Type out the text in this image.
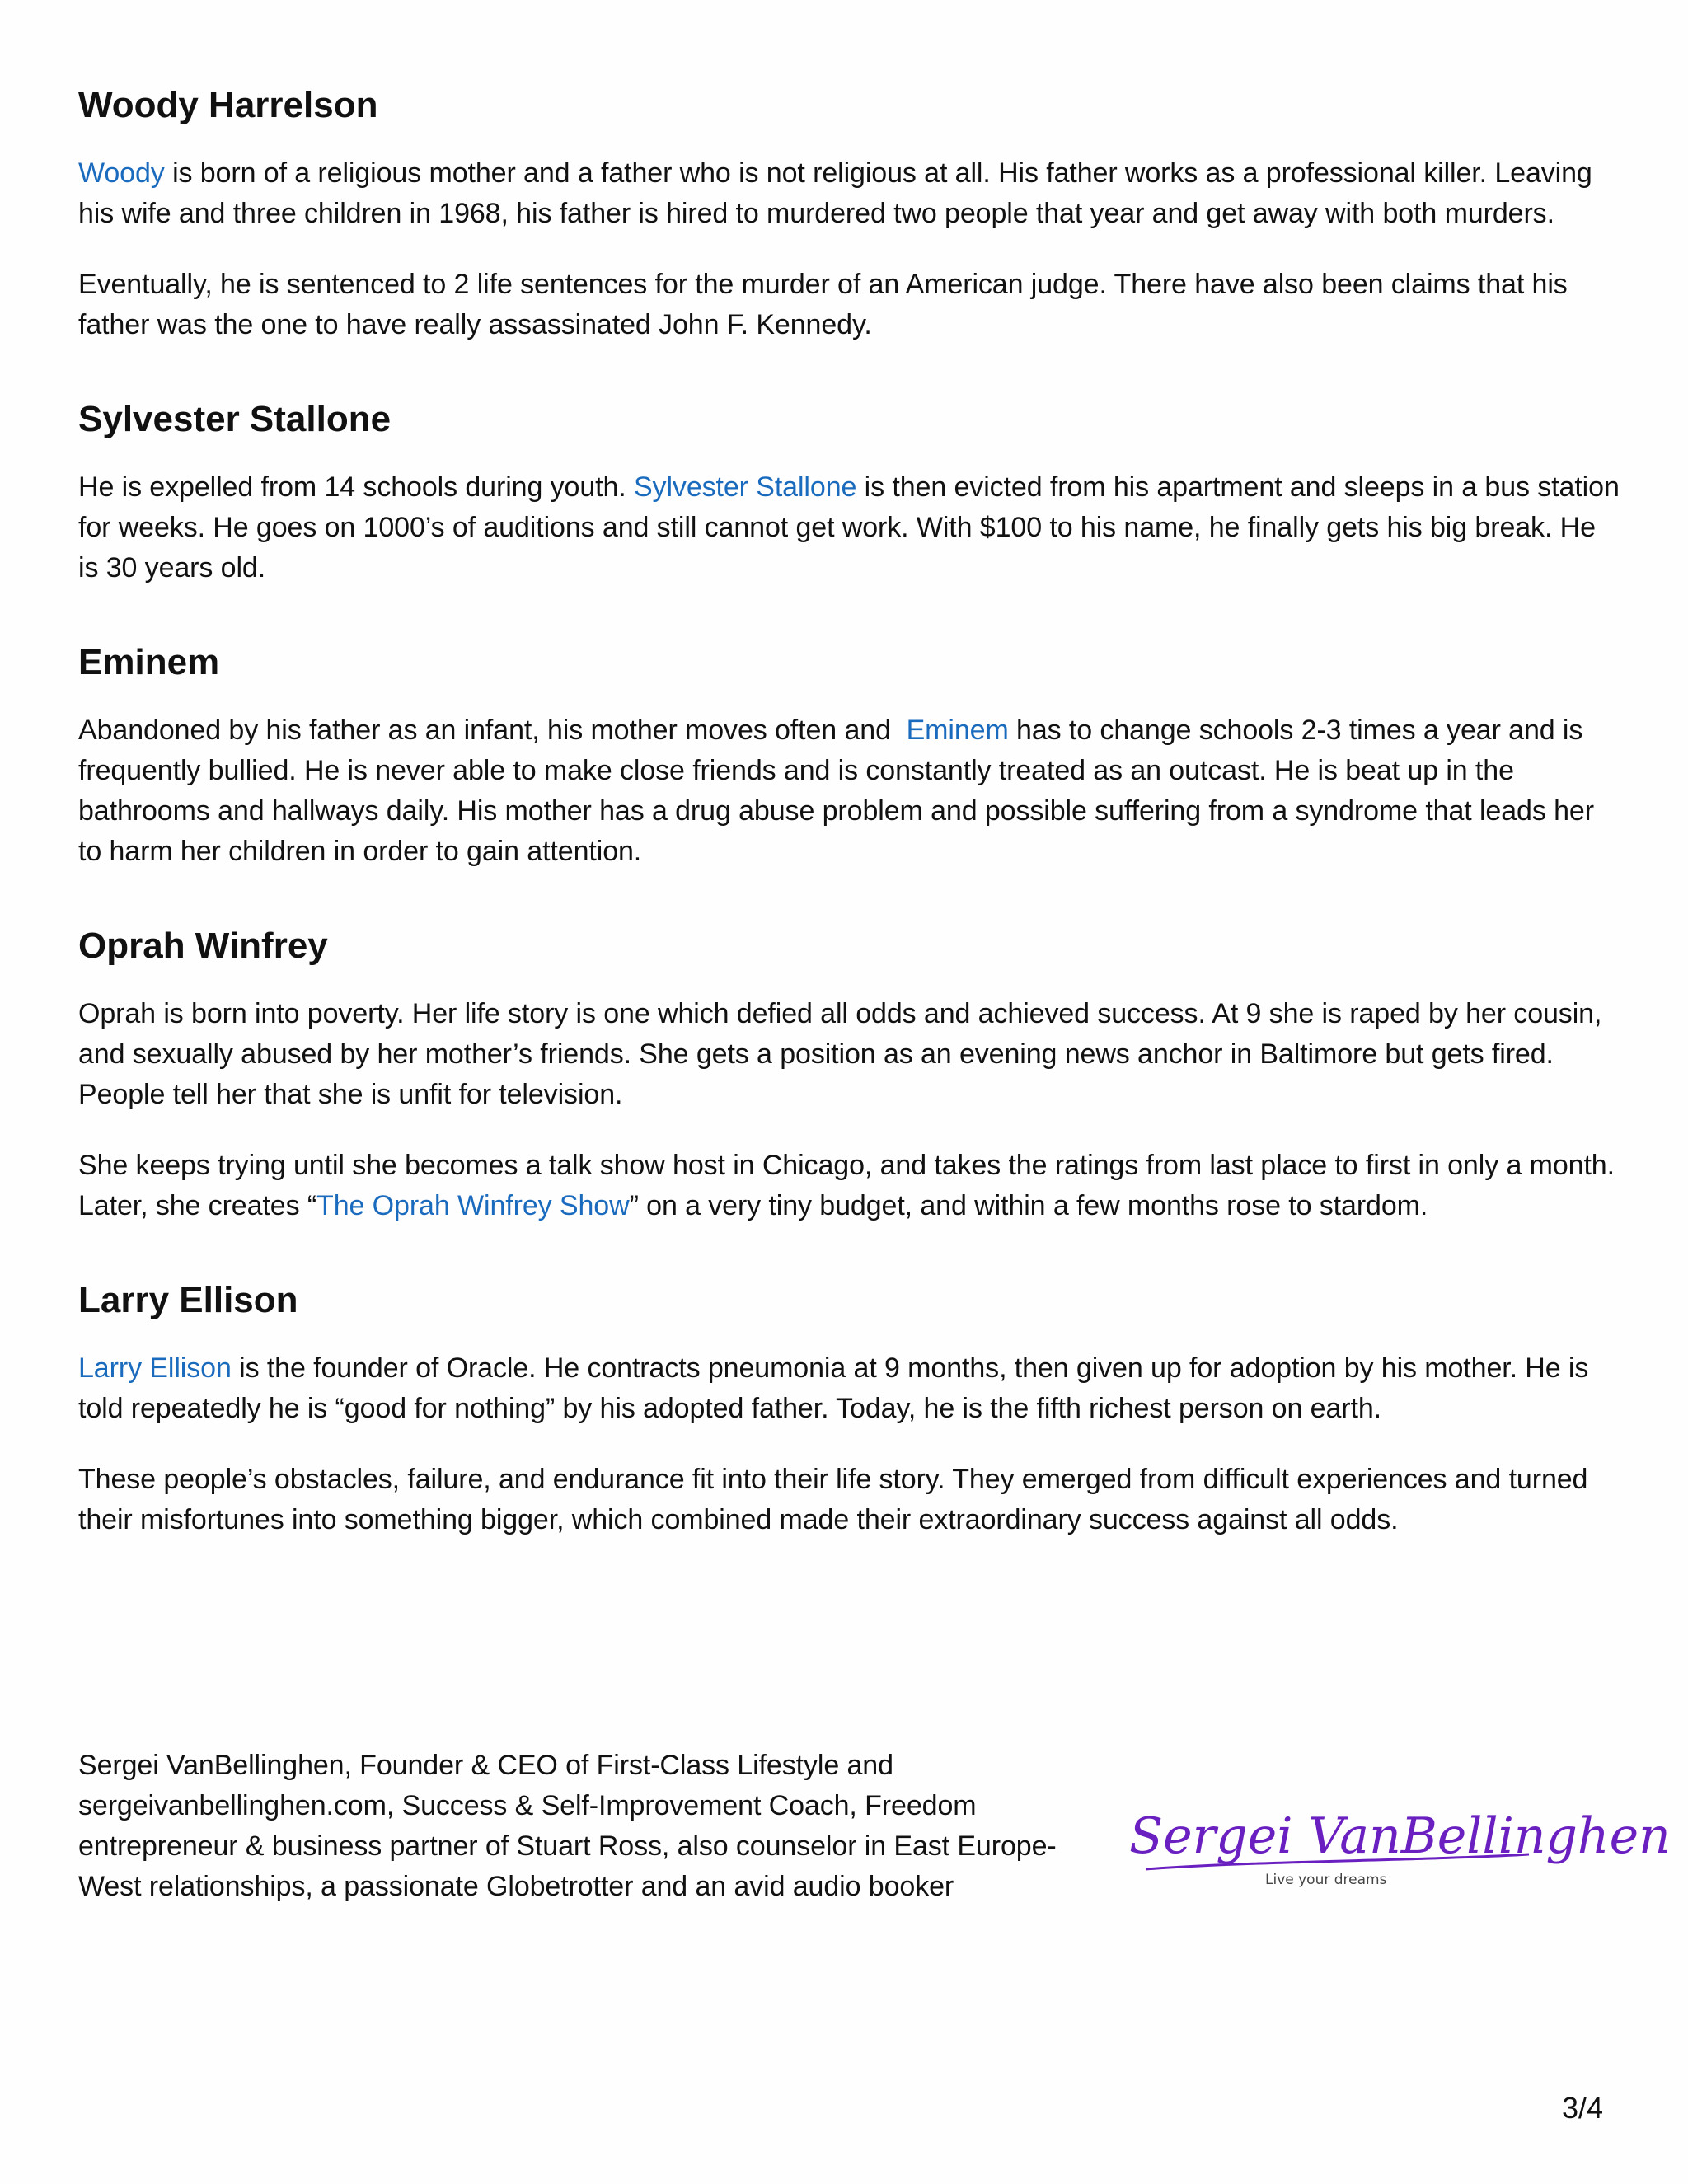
Woody Harrelson

Woody is born of a religious mother and a father who is not religious at all. His father works as a professional killer. Leaving his wife and three children in 1968, his father is hired to murdered two people that year and get away with both murders.

Eventually, he is sentenced to 2 life sentences for the murder of an American judge. There have also been claims that his father was the one to have really assassinated John F. Kennedy.

Sylvester Stallone

He is expelled from 14 schools during youth. Sylvester Stallone is then evicted from his apartment and sleeps in a bus station for weeks. He goes on 1000’s of auditions and still cannot get work. With $100 to his name, he finally gets his big break. He is 30 years old.

Eminem

Abandoned by his father as an infant, his mother moves often and  Eminem has to change schools 2-3 times a year and is frequently bullied. He is never able to make close friends and is constantly treated as an outcast. He is beat up in the bathrooms and hallways daily. His mother has a drug abuse problem and possible suffering from a syndrome that leads her to harm her children in order to gain attention.

Oprah Winfrey

Oprah is born into poverty. Her life story is one which defied all odds and achieved success. At 9 she is raped by her cousin, and sexually abused by her mother’s friends. She gets a position as an evening news anchor in Baltimore but gets fired. People tell her that she is unfit for television.

She keeps trying until she becomes a talk show host in Chicago, and takes the ratings from last place to first in only a month. Later, she creates “The Oprah Winfrey Show” on a very tiny budget, and within a few months rose to stardom.

Larry Ellison

Larry Ellison is the founder of Oracle. He contracts pneumonia at 9 months, then given up for adoption by his mother. He is told repeatedly he is “good for nothing” by his adopted father. Today, he is the fifth richest person on earth.

These people’s obstacles, failure, and endurance fit into their life story. They emerged from difficult experiences and turned their misfortunes into something bigger, which combined made their extraordinary success against all odds.

Sergei VanBellinghen, Founder & CEO of First-Class Lifestyle and sergeivanbellinghen.com, Success & Self-Improvement Coach, Freedom entrepreneur & business partner of Stuart Ross, also counselor in East Europe-West relationships, a passionate Globetrotter and an avid audio booker

Sergei VanBellinghen
Live your dreams
3/4
